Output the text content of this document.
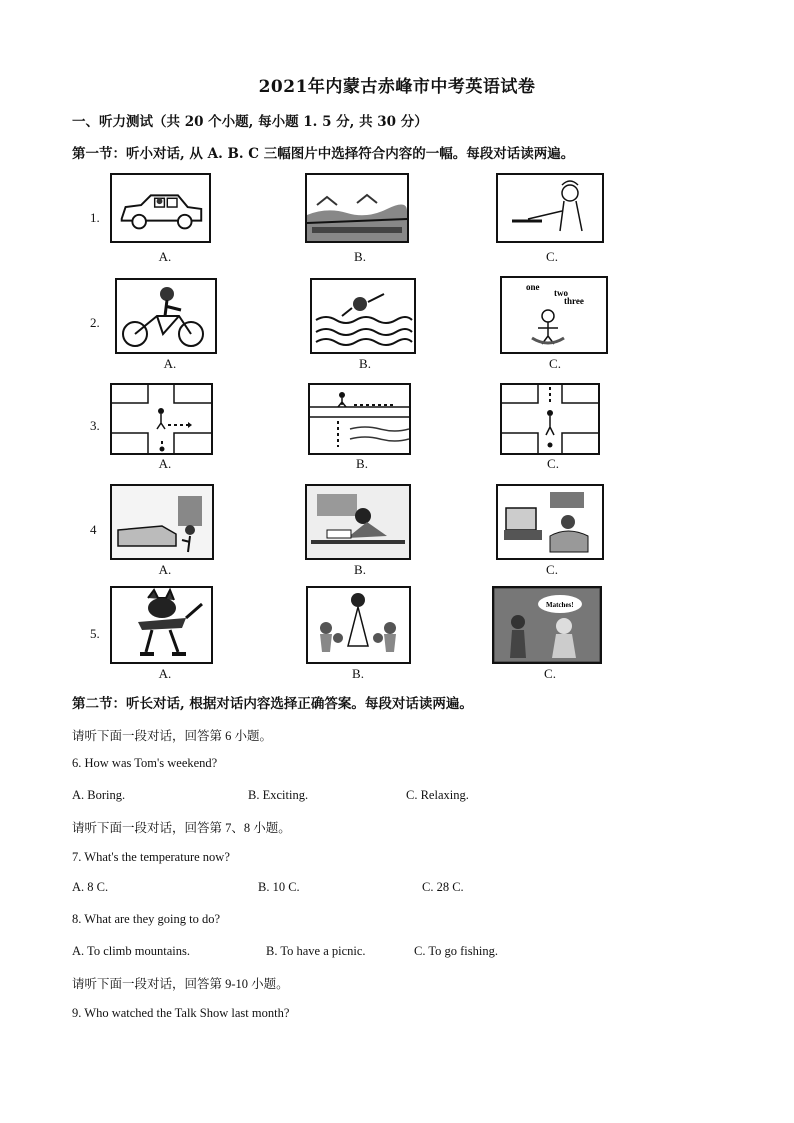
2021年内蒙古赤峰市中考英语试卷
一、听力测试（共 20 个小题, 每小题 1. 5 分, 共 30 分）
第一节：听小对话, 从 A. B. C 三幅图片中选择符合内容的一幅。每段对话读两遍。
1.
A.	B.	C.
2.
one
two
three
A.	B.	C.
3.
A.	B.	C.
4
A.	B.	C.
5.
Matches!
A.	B.	C.
第二节：听长对话, 根据对话内容选择正确答案。每段对话读两遍。
请听下面一段对话，回答第 6 小题。
6. How was Tom's weekend?
A. Boring.	B. Exciting.	C. Relaxing.
请听下面一段对话，回答第 7、8 小题。
7. What's the temperature now?
A. 8 C.	B. 10 C.	C. 28 C.
8. What are they going to do?
A. To climb mountains.	B. To have a picnic.	C. To go fishing.
请听下面一段对话，回答第 9-10 小题。
9. Who watched the Talk Show last month?
